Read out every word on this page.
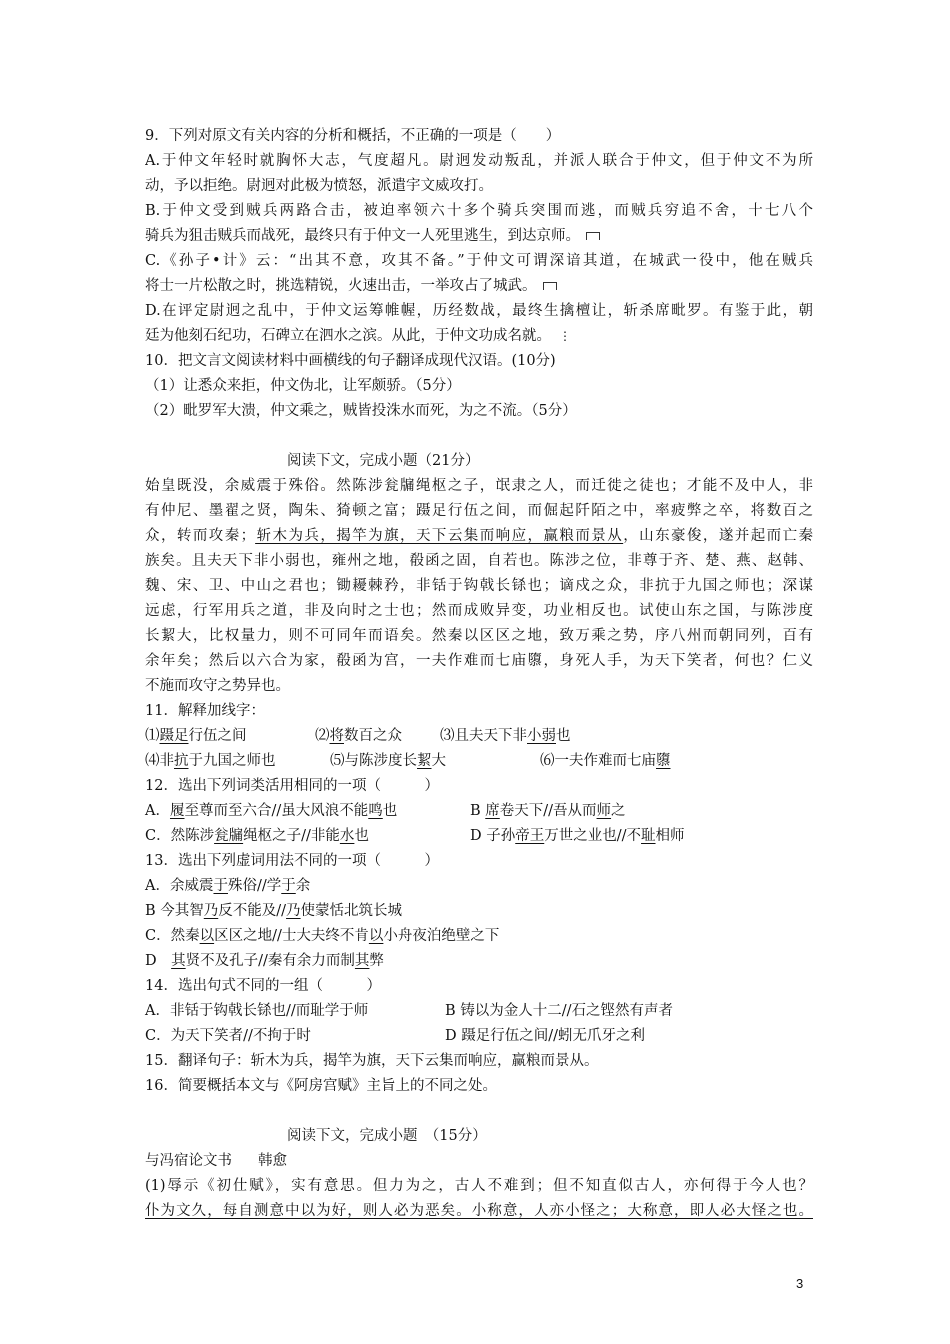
9．下列对原文有关内容的分析和概括，不正确的一项是（　　）
A.于仲文年轻时就胸怀大志，气度超凡。尉迥发动叛乱，并派人联合于仲文，但于仲文不为所
动，予以拒绝。尉迥对此极为愤怒，派遣宇文威攻打。
B.于仲文受到贼兵两路合击，被迫率领六十多个骑兵突围而逃，而贼兵穷追不舍，十七八个
骑兵为狙击贼兵而战死，最终只有于仲文一人死里逃生，到达京师。
C.《孙子•计》云：“出其不意，攻其不备。”于仲文可谓深谙其道，在城武一役中，他在贼兵
将士一片松散之时，挑选精锐，火速出击，一举攻占了城武。
D.在评定尉迥之乱中，于仲文运筹帷幄，历经数战，最终生擒檀让，斩杀席毗罗。有鉴于此，朝
廷为他刻石纪功，石碑立在泗水之滨。从此，于仲文功成名就。 ⋮
10．把文言文阅读材料中画横线的句子翻译成现代汉语。(10分)
（1）让悉众来拒，仲文伪北，让军颇骄。（5分）
（2）毗罗军大溃，仲文乘之，贼皆投洙水而死，为之不流。（5分）
阅读下文，完成小题（21分）
始皇既没，余威震于殊俗。然陈涉瓮牖绳枢之子，氓隶之人，而迁徙之徒也；才能不及中人，非
有仲尼、墨翟之贤，陶朱、猗顿之富；蹑足行伍之间，而倔起阡陌之中，率疲弊之卒，将数百之
众，转而攻秦；斩木为兵，揭竿为旗，天下云集而响应，赢粮而景从，山东豪俊，遂并起而亡秦
族矣。且夫天下非小弱也，雍州之地，殽函之固，自若也。陈涉之位，非尊于齐、楚、燕、赵韩、
魏、宋、卫、中山之君也；锄耰棘矜，非铦于钩戟长铩也；谪戍之众，非抗于九国之师也；深谋
远虑，行军用兵之道，非及向时之士也；然而成败异变，功业相反也。试使山东之国，与陈涉度
长絜大，比权量力，则不可同年而语矣。然秦以区区之地，致万乘之势，序八州而朝同列，百有
余年矣；然后以六合为家，殽函为宫，一夫作难而七庙隳，身死人手，为天下笑者，何也？仁义
不施而攻守之势异也。
11．解释加线字：
⑴蹑足行伍之间	⑵将数百之众	⑶且夫天下非小弱也
⑷非抗于九国之师也	⑸与陈涉度长絜大	⑹一夫作难而七庙隳
12．选出下列词类活用相同的一项（　　　）
A．履至尊而至六合//虽大风浪不能鸣也	B 席卷天下//吾从而师之
C．然陈涉瓮牖绳枢之子//非能水也	D 子孙帝王万世之业也//不耻相师
13．选出下列虚词用法不同的一项（　　　）
A．余威震于殊俗//学于余
B 今其智乃反不能及//乃使蒙恬北筑长城
C．然秦以区区之地//士大夫终不肯以小舟夜泊绝壁之下
D　其贤不及孔子//秦有余力而制其弊
14．选出句式不同的一组（　　　）
A．非铦于钩戟长铩也//而耻学于师	B 铸以为金人十二//石之铿然有声者
C．为天下笑者//不拘于时	D 蹑足行伍之间//蚓无爪牙之利
15．翻译句子：斩木为兵，揭竿为旗，天下云集而响应，赢粮而景从。
16．简要概括本文与《阿房宫赋》主旨上的不同之处。
阅读下文，完成小题　（15分）
与冯宿论文书 韩愈
(1)辱示《初仕赋》，实有意思。但力为之，古人不难到；但不知直似古人，亦何得于今人也？
仆为文久，每自测意中以为好，则人必为恶矣。小称意，人亦小怪之；大称意，即人必大怪之也。
3
